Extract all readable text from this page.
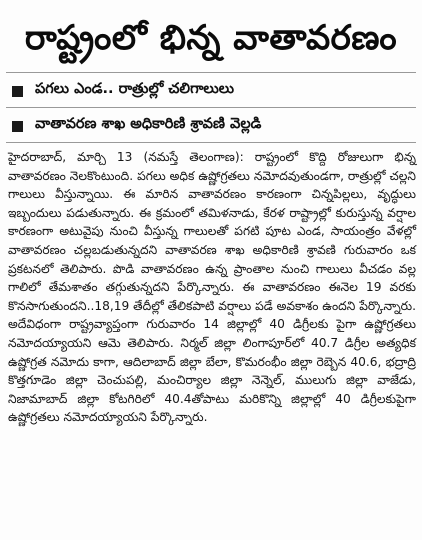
రాష్ట్రంలో భిన్న వాతావరణం
పగలు ఎండ.. రాత్రుల్లో చలిగాలులు
వాతావరణ శాఖ అధికారిణి శ్రావణి వెల్లడి
హైదరాబాద్, మార్చి 13 (నమస్తే తెలంగాణ): రాష్ట్రంలో కొద్ది రోజులుగా భిన్న వాతావరణం నెలకొంటుంది. పగలు అధిక ఉష్ణోగ్రతలు నమోదవుతుండగా, రాత్రుల్లో చల్లని గాలులు వీస్తున్నాయి. ఈ మారిన వాతావరణం కారణంగా చిన్నపిల్లలు, వృద్ధులు ఇబ్బందులు పడుతున్నారు. ఈ క్రమంలో తమిళనాడు, కేరళ రాష్ట్రాల్లో కురుస్తున్న వర్షాల కారణంగా అటువైపు నుంచి వీస్తున్న గాలులతో పగటి పూట ఎండ, సాయంత్రం వేళల్లో వాతావరణం చల్లబడుతున్నదని వాతావరణ శాఖ అధికారిణి శ్రావణి గురువారం ఒక ప్రకటనలో తెలిపారు. పొడి వాతావరణం ఉన్న ప్రాంతాల నుంచి గాలులు వీచడం వల్ల గాలిలో తేమశాతం తగ్గుతున్నదని పేర్కొన్నారు. ఈ వాతావరణం ఈనెల 19 వరకు కొనసాగుతుందని..18,19 తేదీల్లో తేలికపాటి వర్షాలు పడే అవకాశం ఉందని పేర్కొన్నారు. అదేవిధంగా రాష్ట్రవ్యాప్తంగా గురువారం 14 జిల్లాల్లో 40 డిగ్రీలకు పైగా ఉష్ణోగ్రతలు నమోదయ్యాయని ఆమె తెలిపారు. నిర్మల్ జిల్లా లింగాపూర్‌లో 40.7 డిగ్రీల అత్యధిక ఉష్ణోగ్రత నమోదు కాగా, ఆదిలాబాద్ జిల్లా బేలా, కొమరంభీం జిల్లా రెబ్బెన 40.6, భద్రాద్రి కొత్తగూడెం జిల్లా చెంచుపల్లి, మంచిర్యాల జిల్లా నెన్నెల్, ములుగు జిల్లా వాజేడు, నిజామాబాద్ జిల్లా కోటగిరిలో 40.4తోపాటు మరికొన్ని జిల్లాల్లో 40 డిగ్రీలకుపైగా ఉష్ణోగ్రతలు నమోదయ్యాయని పేర్కొన్నారు.
